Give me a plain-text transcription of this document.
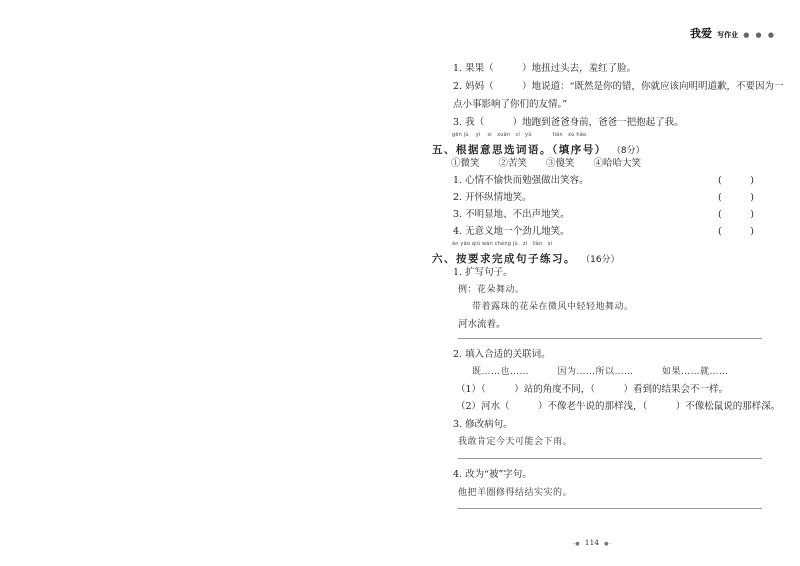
我爱 写作业 ● ● ●
1. 果果（　　　）地扭过头去，羞红了脸。
2. 妈妈（　　　）地说道：“既然是你的错，你就应该向明明道歉，不要因为一
点小事影响了你们的友情。”
3. 我（　　　）地跑到爸爸身前，爸爸一把抱起了我。
gēn jù　 yì　 si　xuǎn　cí　yǔ　　　　tián　xù hào
五、根据意思选词语。（填序号） （8分）
①微笑　　②苦笑　　③傻笑　　④哈哈大笑
1. 心情不愉快而勉强做出笑容。	(　　　)
2. 开怀纵情地笑。	(　　　)
3. 不明显地、不出声地笑。	(　　　)
4. 无意义地一个劲儿地笑。	(　　　)
àn yāo qiú wán chéng jù　zi　liàn　xí
六、按要求完成句子练习。 （16分）
1. 扩写句子。
例：花朵舞动。
带着露珠的花朵在微风中轻轻地舞动。
河水流着。
2. 填入合适的关联词。
既……也……　　　因为……所以……　　　如果……就……
（1）（　　　）站的角度不同，（　　　）看到的结果会不一样。
（2）河水（　　　）不像老牛说的那样浅，（　　　）不像松鼠说的那样深。
3. 修改病句。
我敢肯定今天可能会下雨。
4. 改为“被”字句。
他把羊圈修得结结实实的。
·-● 114 ●-·
